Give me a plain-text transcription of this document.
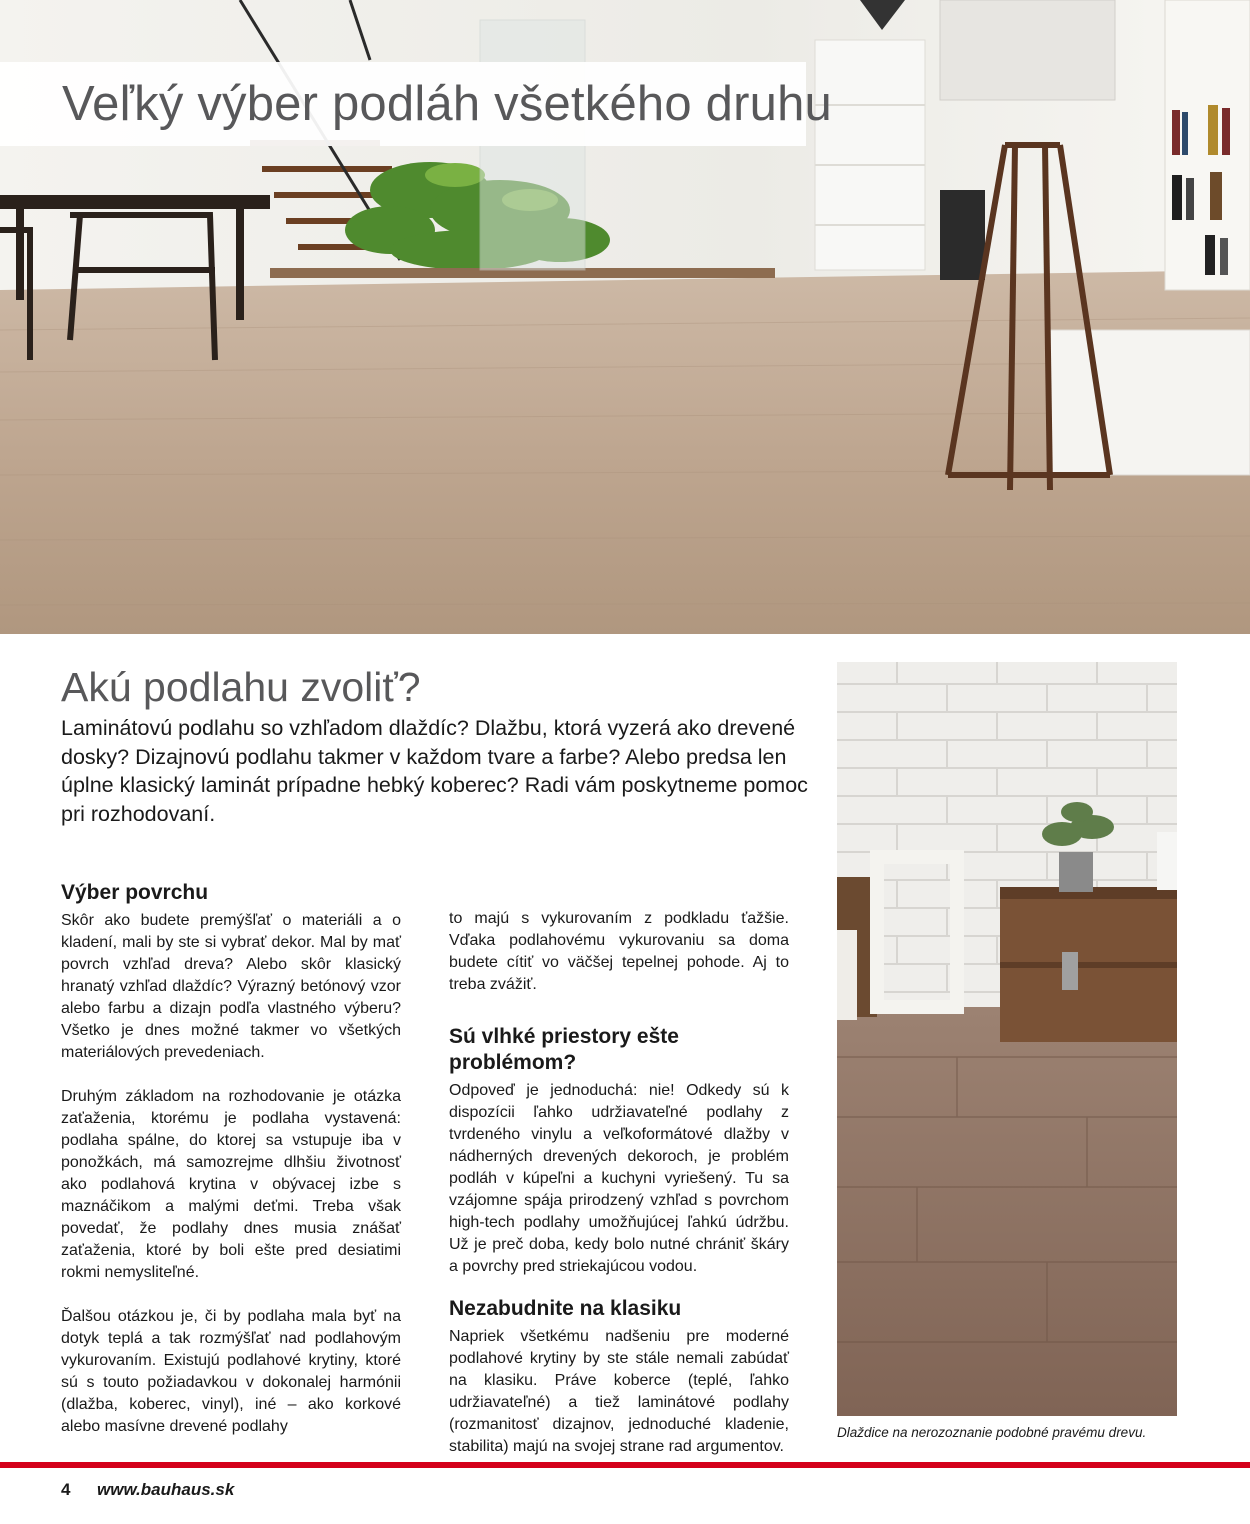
Veľký výber podláh všetkého druhu
Akú podlahu zvoliť?

Laminátovú podlahu so vzhľadom dlaždíc? Dlažbu, ktorá vyzerá ako drevené dosky? Dizajnovú podlahu takmer v každom tvare a farbe? Alebo predsa len úplne klasický laminát prípadne hebký koberec? Radi vám poskytneme pomoc pri rozhodovaní.

Výber povrchu

Skôr ako budete premýšľať o materiáli a o kladení, mali by ste si vybrať dekor. Mal by mať povrch vzhľad dreva? Alebo skôr klasický hranatý vzhľad dlaždíc? Výrazný betónový vzor alebo farbu a dizajn podľa vlastného výberu? Všetko je dnes možné takmer vo všetkých materiálových prevedeniach.

Druhým základom na rozhodovanie je otázka zaťaženia, ktorému je podlaha vystavená: podlaha spálne, do ktorej sa vstupuje iba v ponožkách, má samozrejme dlhšiu životnosť ako podlahová krytina v obývacej izbe s maznáčikom a malými deťmi. Treba však povedať, že podlahy dnes musia znášať zaťaženia, ktoré by boli ešte pred desiatimi rokmi nemysliteľné.

Ďalšou otázkou je, či by podlaha mala byť na dotyk teplá a tak rozmýšľať nad podlahovým vykurovaním. Existujú podlahové krytiny, ktoré sú s touto požiadavkou v dokonalej harmónii (dlažba, koberec, vinyl), iné – ako korkové alebo masívne drevené podlahy

to majú s vykurovaním z podkladu ťažšie. Vďaka podlahovému vykurovaniu sa doma budete cítiť vo väčšej tepelnej pohode. Aj to treba zvážiť.

Sú vlhké priestory ešte problémom?

Odpoveď je jednoduchá: nie! Odkedy sú k dispozícii ľahko udržiavateľné podlahy z tvrdeného vinylu a veľkoformátové dlažby v nádherných drevených dekoroch, je problém podláh v kúpeľni a kuchyni vyriešený. Tu sa vzájomne spája prirodzený vzhľad s povrchom high-tech podlahy umožňujúcej ľahkú údržbu. Už je preč doba, kedy bolo nutné chrániť škáry a povrchy pred striekajúcou vodou.

Nezabudnite na klasiku

Napriek všetkému nadšeniu pre moderné podlahové krytiny by ste stále nemali zabúdať na klasiku. Práve koberce (teplé, ľahko udržiavateľné) a tiež laminátové podlahy (rozmanitosť dizajnov, jednoduché kladenie, stabilita) majú na svojej strane rad argumentov.

Dlaždice na nerozoznanie podobné pravému drevu.

4 www.bauhaus.sk
